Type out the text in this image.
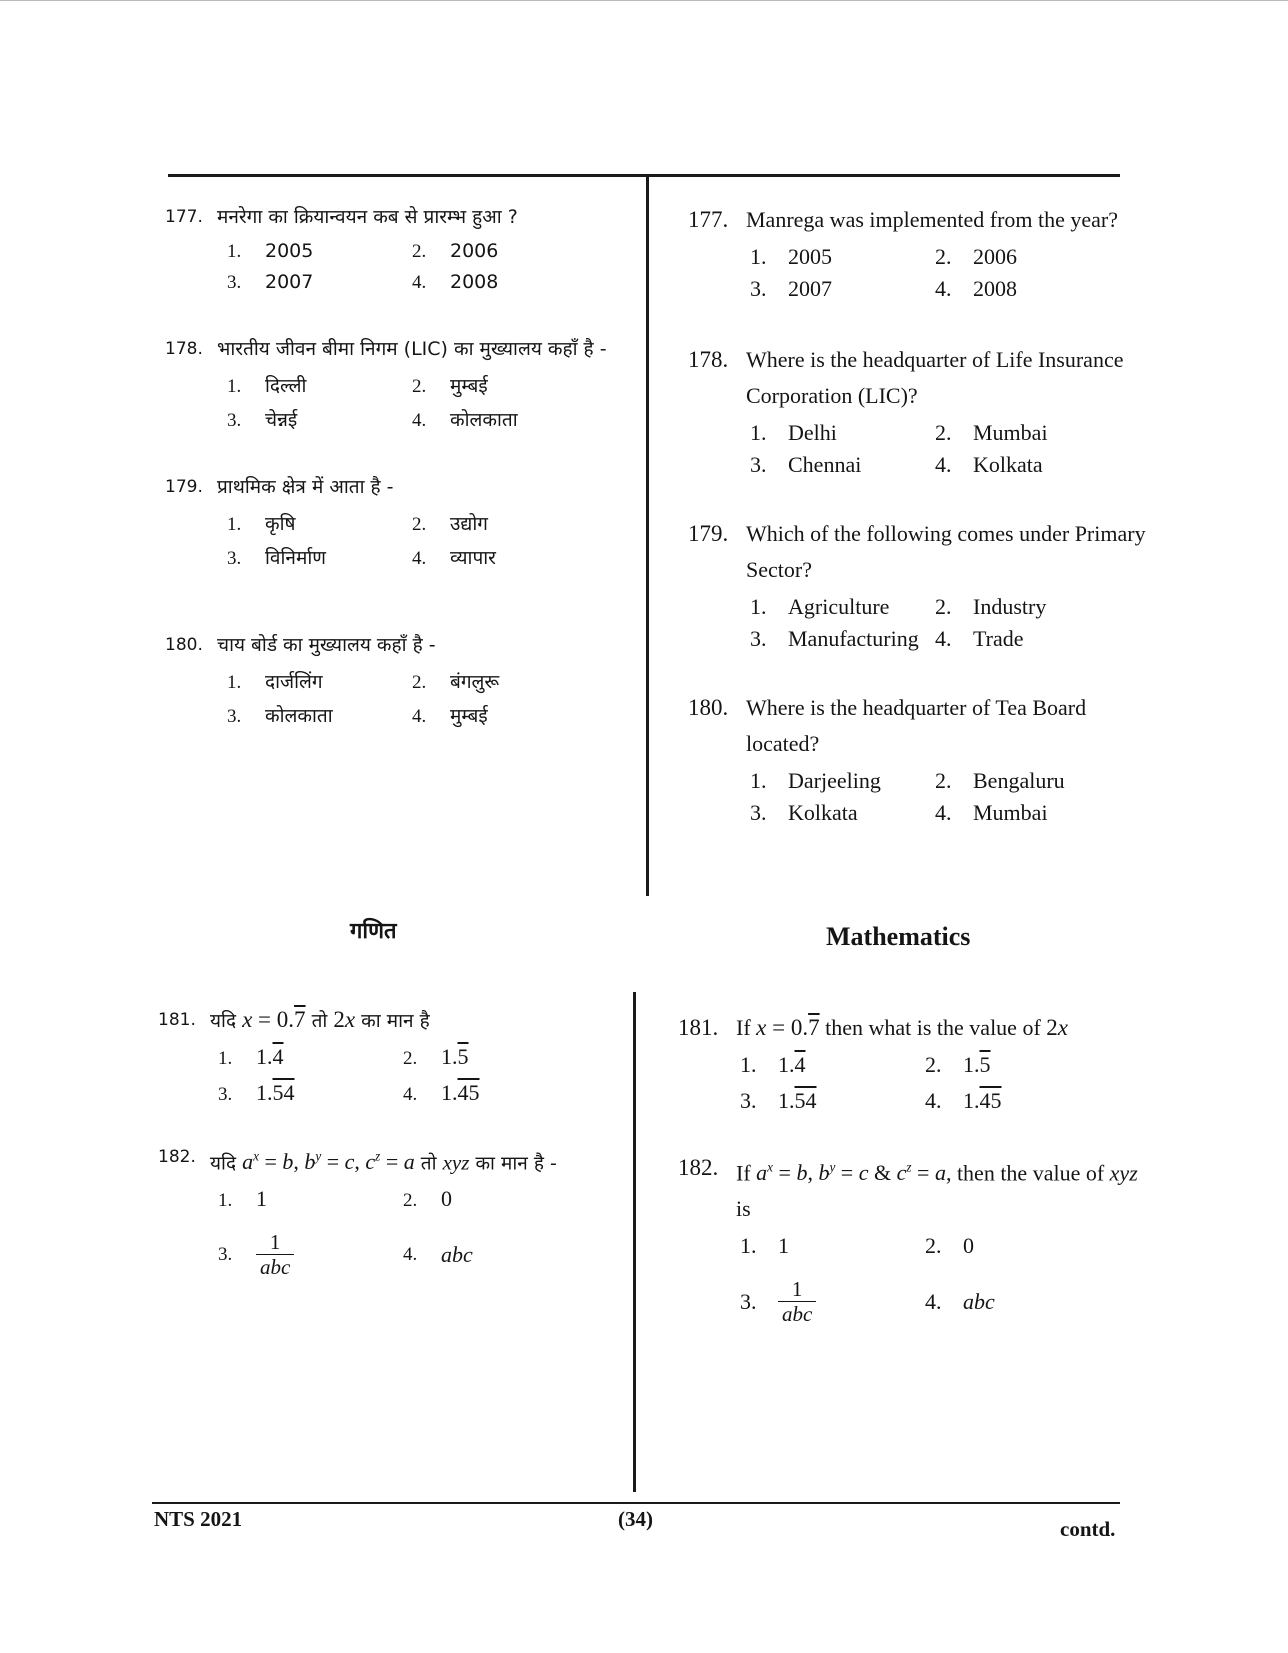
177. मनरेगा का क्रियान्वयन कब से प्रारम्भ हुआ ?
1.	2005	2.	2006
3.	2007	4.	2008
178. भारतीय जीवन बीमा निगम (LIC) का मुख्यालय कहाँ है -
1.	दिल्ली	2.	मुम्बई
3.	चेन्नई	4.	कोलकाता
179. प्राथमिक क्षेत्र में आता है -
1.	कृषि	2.	उद्योग
3.	विनिर्माण	4.	व्यापार
180. चाय बोर्ड का मुख्यालय कहाँ है -
1.	दार्जलिंग	2.	बंगलुरू
3.	कोलकाता	4.	मुम्बई
177. Manrega was implemented from the year?
1. 2005	2. 2006
3. 2007	4. 2008
178. Where is the headquarter of Life Insurance Corporation (LIC)?
1. Delhi	2. Mumbai
3. Chennai	4. Kolkata
179. Which of the following comes under Primary Sector?
1. Agriculture 2. Industry
3. Manufacturing 4. Trade
180. Where is the headquarter of Tea Board located?
1. Darjeeling 2. Bengaluru
3. Kolkata	4. Mumbai
गणित	Mathematics
181. यदि x = 0.7 तो 2x का मान है
1.	1.4	2.	1.5
3.	1.54	4.	1.45
182. यदि $a^x = b$, $b^y = c$, $c^z = a$ तो xyz का मान है -
1.	1	2.	0
3.	$\frac{1}{\text{abc}}$	4.	abc
181. If x = 0.7 then what is the value of 2x
1. 1.4	2. 1.5
3. 1.54	4. 1.45
182. If $a^x = b$, $b^y = c$ & $c^z = a$, then the value of xyz is
1. 1	2. 0
3.	$\frac{1}{\text{abc}}$	4. abc
NTS 2021	(34)	contd.
